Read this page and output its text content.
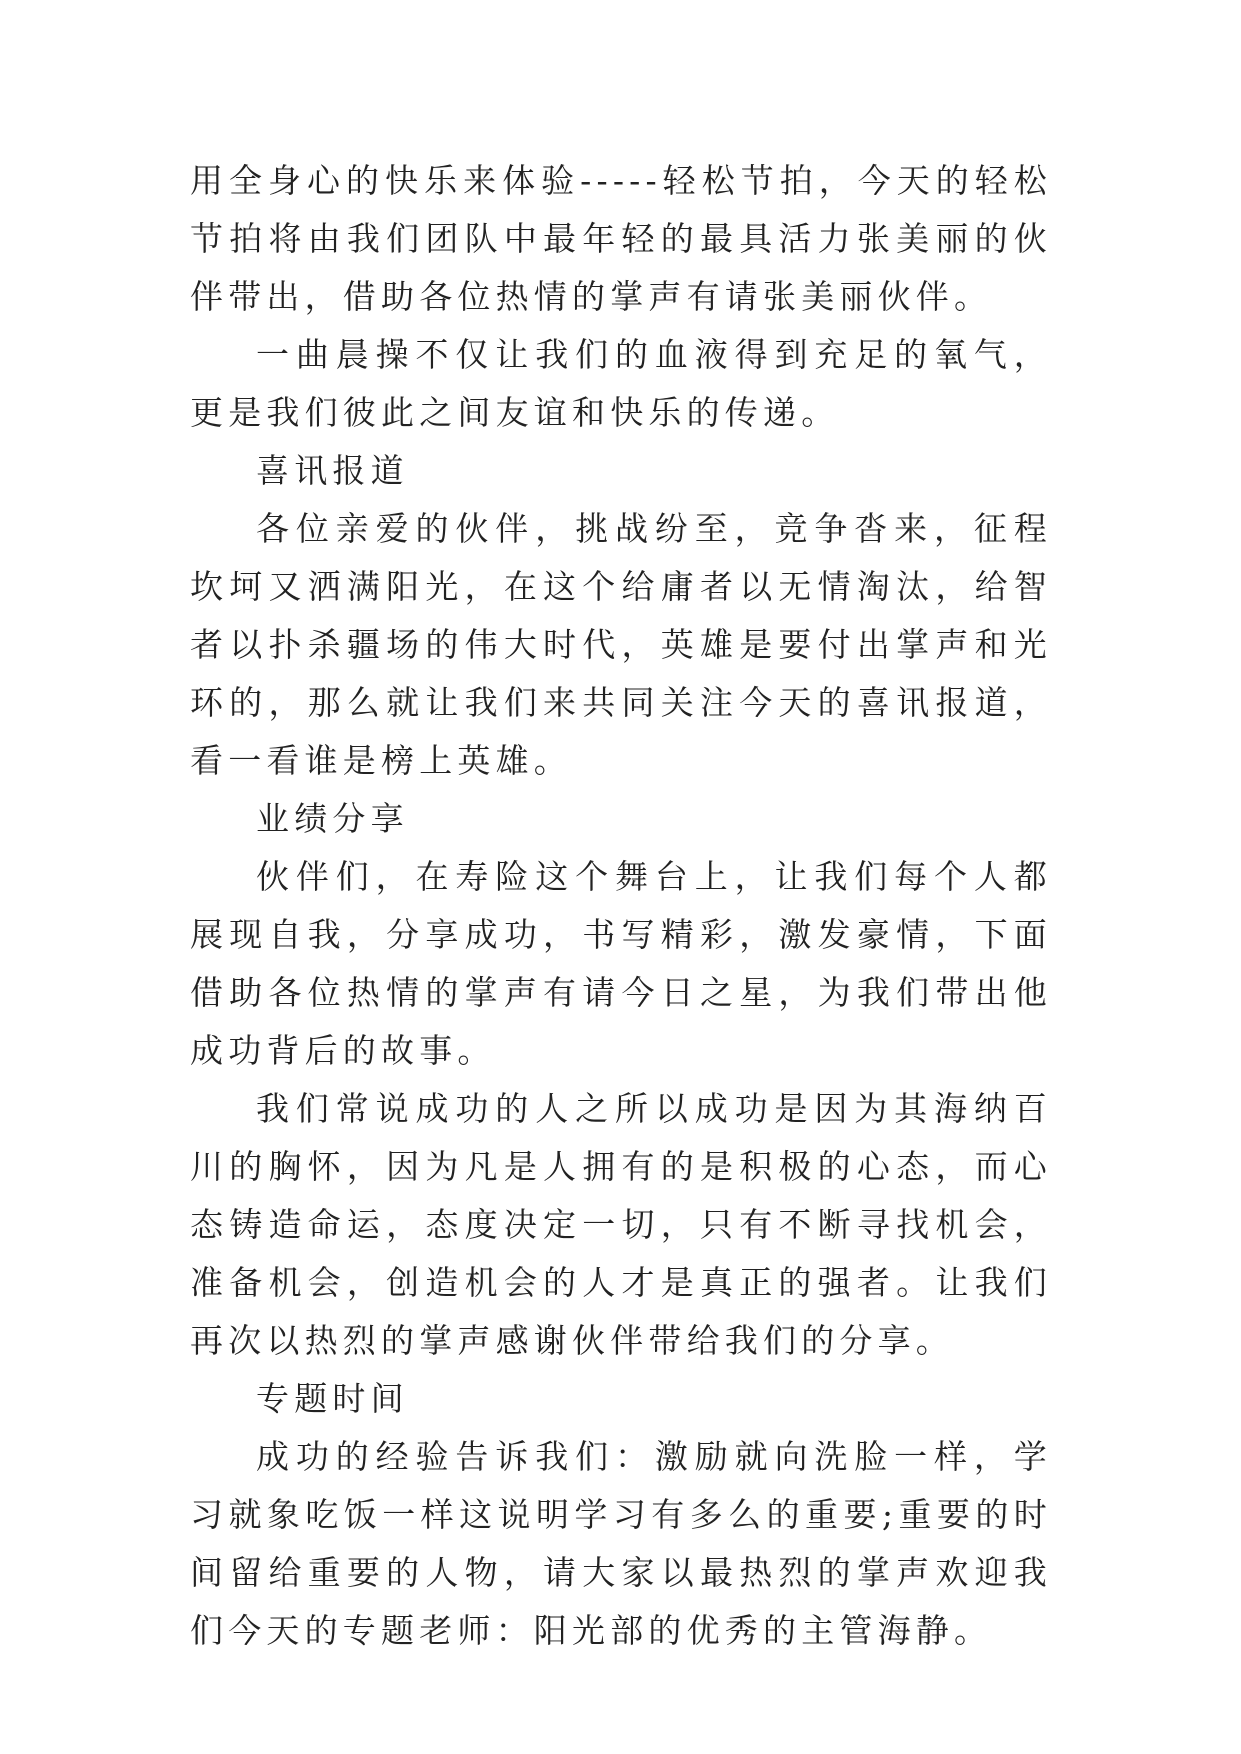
用全身心的快乐来体验-----轻松节拍，今天的轻松节拍将由我们团队中最年轻的最具活力张美丽的伙伴带出，借助各位热情的掌声有请张美丽伙伴。

一曲晨操不仅让我们的血液得到充足的氧气，更是我们彼此之间友谊和快乐的传递。

喜讯报道

各位亲爱的伙伴，挑战纷至，竞争沓来，征程坎坷又洒满阳光，在这个给庸者以无情淘汰，给智者以扑杀疆场的伟大时代，英雄是要付出掌声和光环的，那么就让我们来共同关注今天的喜讯报道，看一看谁是榜上英雄。

业绩分享

伙伴们，在寿险这个舞台上，让我们每个人都展现自我，分享成功，书写精彩，激发豪情，下面借助各位热情的掌声有请今日之星，为我们带出他成功背后的故事。

我们常说成功的人之所以成功是因为其海纳百川的胸怀，因为凡是人拥有的是积极的心态，而心态铸造命运，态度决定一切，只有不断寻找机会，准备机会，创造机会的人才是真正的强者。让我们再次以热烈的掌声感谢伙伴带给我们的分享。

专题时间

成功的经验告诉我们：激励就向洗脸一样，学习就象吃饭一样这说明学习有多么的重要;重要的时间留给重要的人物，请大家以最热烈的掌声欢迎我们今天的专题老师：阳光部的优秀的主管海静。
